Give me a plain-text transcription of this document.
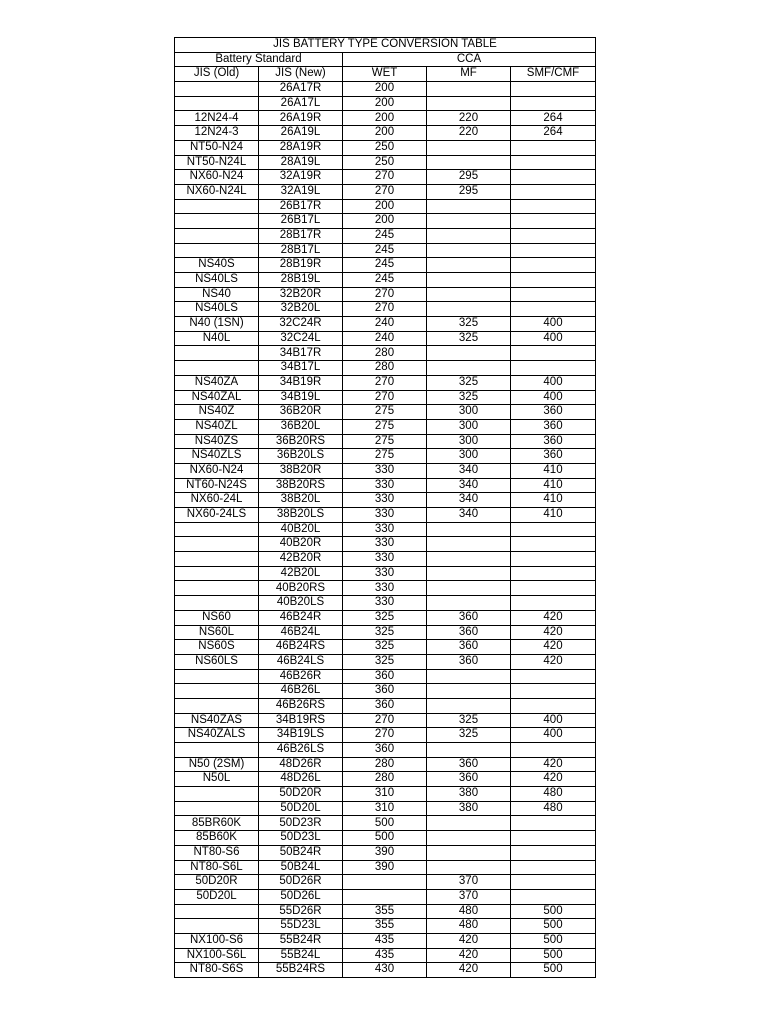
JIS BATTERY TYPE CONVERSION TABLE				
Battery Standard		CCA		
JIS (Old)	JIS (New)	WET	MF	SMF/CMF
	26A17R	200		
	26A17L	200		
12N24-4	26A19R	200	220	264
12N24-3	26A19L	200	220	264
NT50-N24	28A19R	250		
NT50-N24L	28A19L	250		
NX60-N24	32A19R	270	295	
NX60-N24L	32A19L	270	295	
	26B17R	200		
	26B17L	200		
	28B17R	245		
	28B17L	245		
NS40S	28B19R	245		
NS40LS	28B19L	245		
NS40	32B20R	270		
NS40LS	32B20L	270		
N40 (1SN)	32C24R	240	325	400
N40L	32C24L	240	325	400
	34B17R	280		
	34B17L	280		
NS40ZA	34B19R	270	325	400
NS40ZAL	34B19L	270	325	400
NS40Z	36B20R	275	300	360
NS40ZL	36B20L	275	300	360
NS40ZS	36B20RS	275	300	360
NS40ZLS	36B20LS	275	300	360
NX60-N24	38B20R	330	340	410
NT60-N24S	38B20RS	330	340	410
NX60-24L	38B20L	330	340	410
NX60-24LS	38B20LS	330	340	410
	40B20L	330		
	40B20R	330		
	42B20R	330		
	42B20L	330		
	40B20RS	330		
	40B20LS	330		
NS60	46B24R	325	360	420
NS60L	46B24L	325	360	420
NS60S	46B24RS	325	360	420
NS60LS	46B24LS	325	360	420
	46B26R	360		
	46B26L	360		
	46B26RS	360		
NS40ZAS	34B19RS	270	325	400
NS40ZALS	34B19LS	270	325	400
	46B26LS	360		
N50 (2SM)	48D26R	280	360	420
N50L	48D26L	280	360	420
	50D20R	310	380	480
	50D20L	310	380	480
85BR60K	50D23R	500		
85B60K	50D23L	500		
NT80-S6	50B24R	390		
NT80-S6L	50B24L	390		
50D20R	50D26R		370	
50D20L	50D26L		370	
	55D26R	355	480	500
	55D23L	355	480	500
NX100-S6	55B24R	435	420	500
NX100-S6L	55B24L	435	420	500
NT80-S6S	55B24RS	430	420	500
